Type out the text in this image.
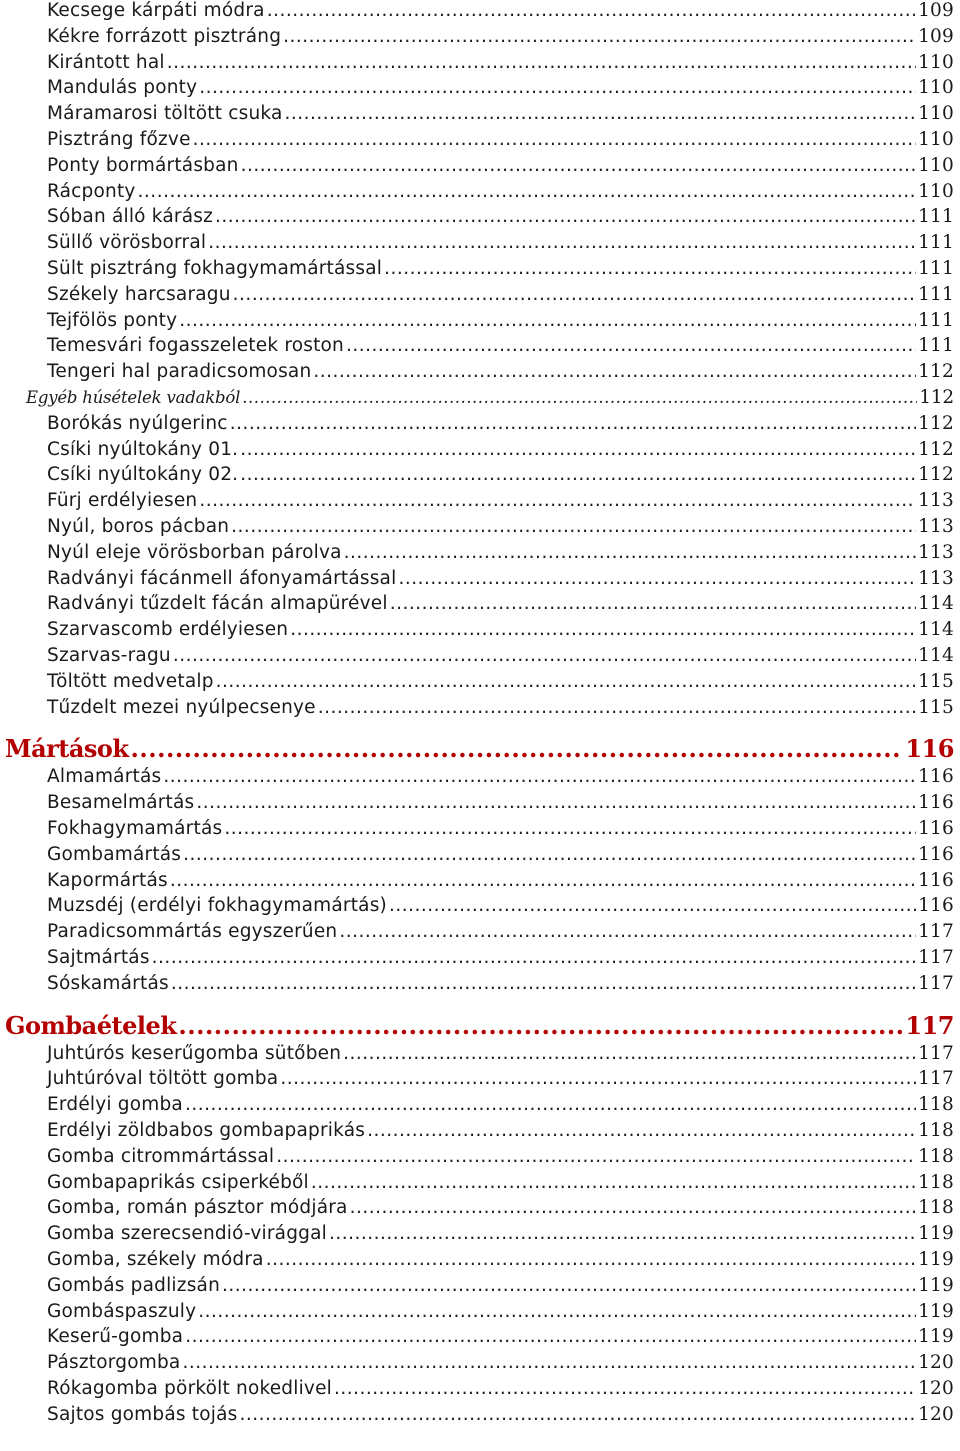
Kecsege kárpáti módra .....	109
Kékre forrázott pisztráng .....	109
Kirántott hal .....	110
Mandulás ponty .....	110
Máramarosi töltött csuka .....	110
Pisztráng főzve .....	110
Ponty bormártásban .....	110
Rácponty .....	110
Sóban álló kárász .....	111
Süllő vörösborral .....	111
Sült pisztráng fokhagymamártással .....	111
Székely harcsaragu .....	111
Tejfölös ponty .....	111
Temesvári fogasszeletek roston .....	111
Tengeri hal paradicsomosan .....	112
Egyéb húsételek vadakból .....	112
Borókás nyúlgerinc .....	112
Csíki nyúltokány 01. .....	112
Csíki nyúltokány 02. .....	112
Fürj erdélyiesen .....	113
Nyúl, boros pácban .....	113
Nyúl eleje vörösborban párolva .....	113
Radványi fácánmell áfonyamártással .....	113
Radványi tűzdelt fácán almapürével .....	114
Szarvascomb erdélyiesen .....	114
Szarvas-ragu .....	114
Töltött medvetalp .....	115
Tűzdelt mezei nyúlpecsenye .....	115
Mártások .....	116
Almamártás .....	116
Besamelmártás .....	116
Fokhagymamártás .....	116
Gombamártás .....	116
Kapormártás .....	116
Muzsdéj (erdélyi fokhagymamártás) .....	116
Paradicsommártás egyszerűen .....	117
Sajtmártás .....	117
Sóskamártás .....	117
Gombaételek .....	117
Juhtúrós keserűgomba sütőben .....	117
Juhtúróval töltött gomba .....	117
Erdélyi gomba .....	118
Erdélyi zöldbabos gombapaprikás .....	118
Gomba citrommártással .....	118
Gombapaprikás csiperkéből .....	118
Gomba, román pásztor módjára .....	118
Gomba szerecsendió-virággal .....	119
Gomba, székely módra .....	119
Gombás padlizsán .....	119
Gombáspaszuly .....	119
Keserű-gomba .....	119
Pásztorgomba .....	120
Rókagomba pörkölt nokedlivel .....	120
Sajtos gombás tojás .....	120
